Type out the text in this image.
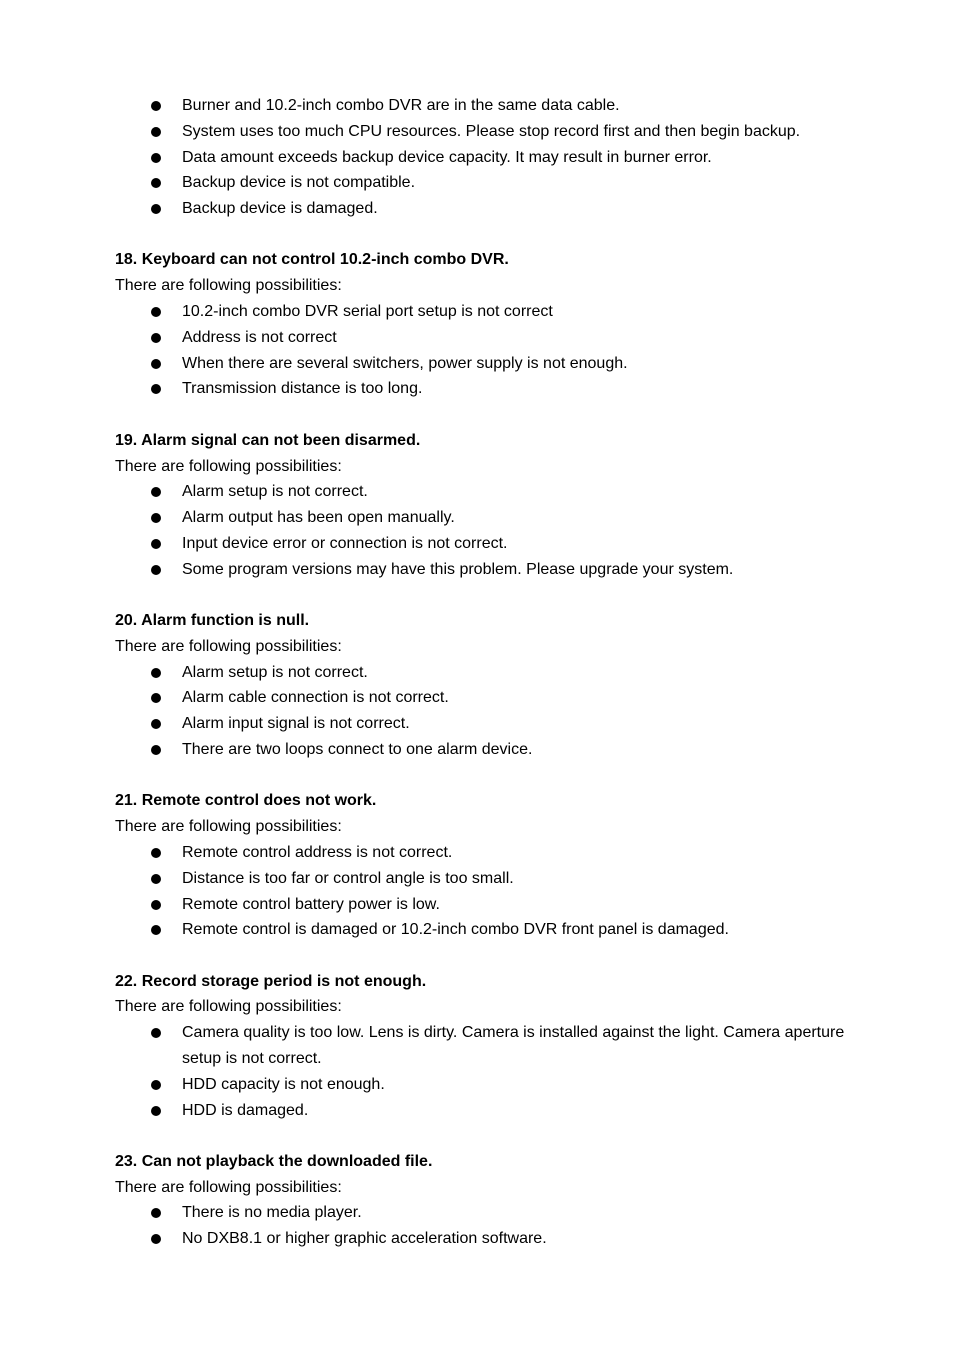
Burner and 10.2-inch combo DVR are in the same data cable.
System uses too much CPU resources. Please stop record first and then begin backup.
Data amount exceeds backup device capacity. It may result in burner error.
Backup device is not compatible.
Backup device is damaged.
18. Keyboard can not control 10.2-inch combo DVR.
There are following possibilities:
10.2-inch combo DVR serial port setup is not correct
Address is not correct
When there are several switchers, power supply is not enough.
Transmission distance is too long.
19. Alarm signal can not been disarmed.
There are following possibilities:
Alarm setup is not correct.
Alarm output has been open manually.
Input device error or connection is not correct.
Some program versions may have this problem. Please upgrade your system.
20. Alarm function is null.
There are following possibilities:
Alarm setup is not correct.
Alarm cable connection is not correct.
Alarm input signal is not correct.
There are two loops connect to one alarm device.
21. Remote control does not work.
There are following possibilities:
Remote control address is not correct.
Distance is too far or control angle is too small.
Remote control battery power is low.
Remote control is damaged or 10.2-inch combo DVR front panel is damaged.
22. Record storage period is not enough.
There are following possibilities:
Camera quality is too low. Lens is dirty. Camera is installed against the light. Camera aperture setup is not correct.
HDD capacity is not enough.
HDD is damaged.
23. Can not playback the downloaded file.
There are following possibilities:
There is no media player.
No DXB8.1 or higher graphic acceleration software.
